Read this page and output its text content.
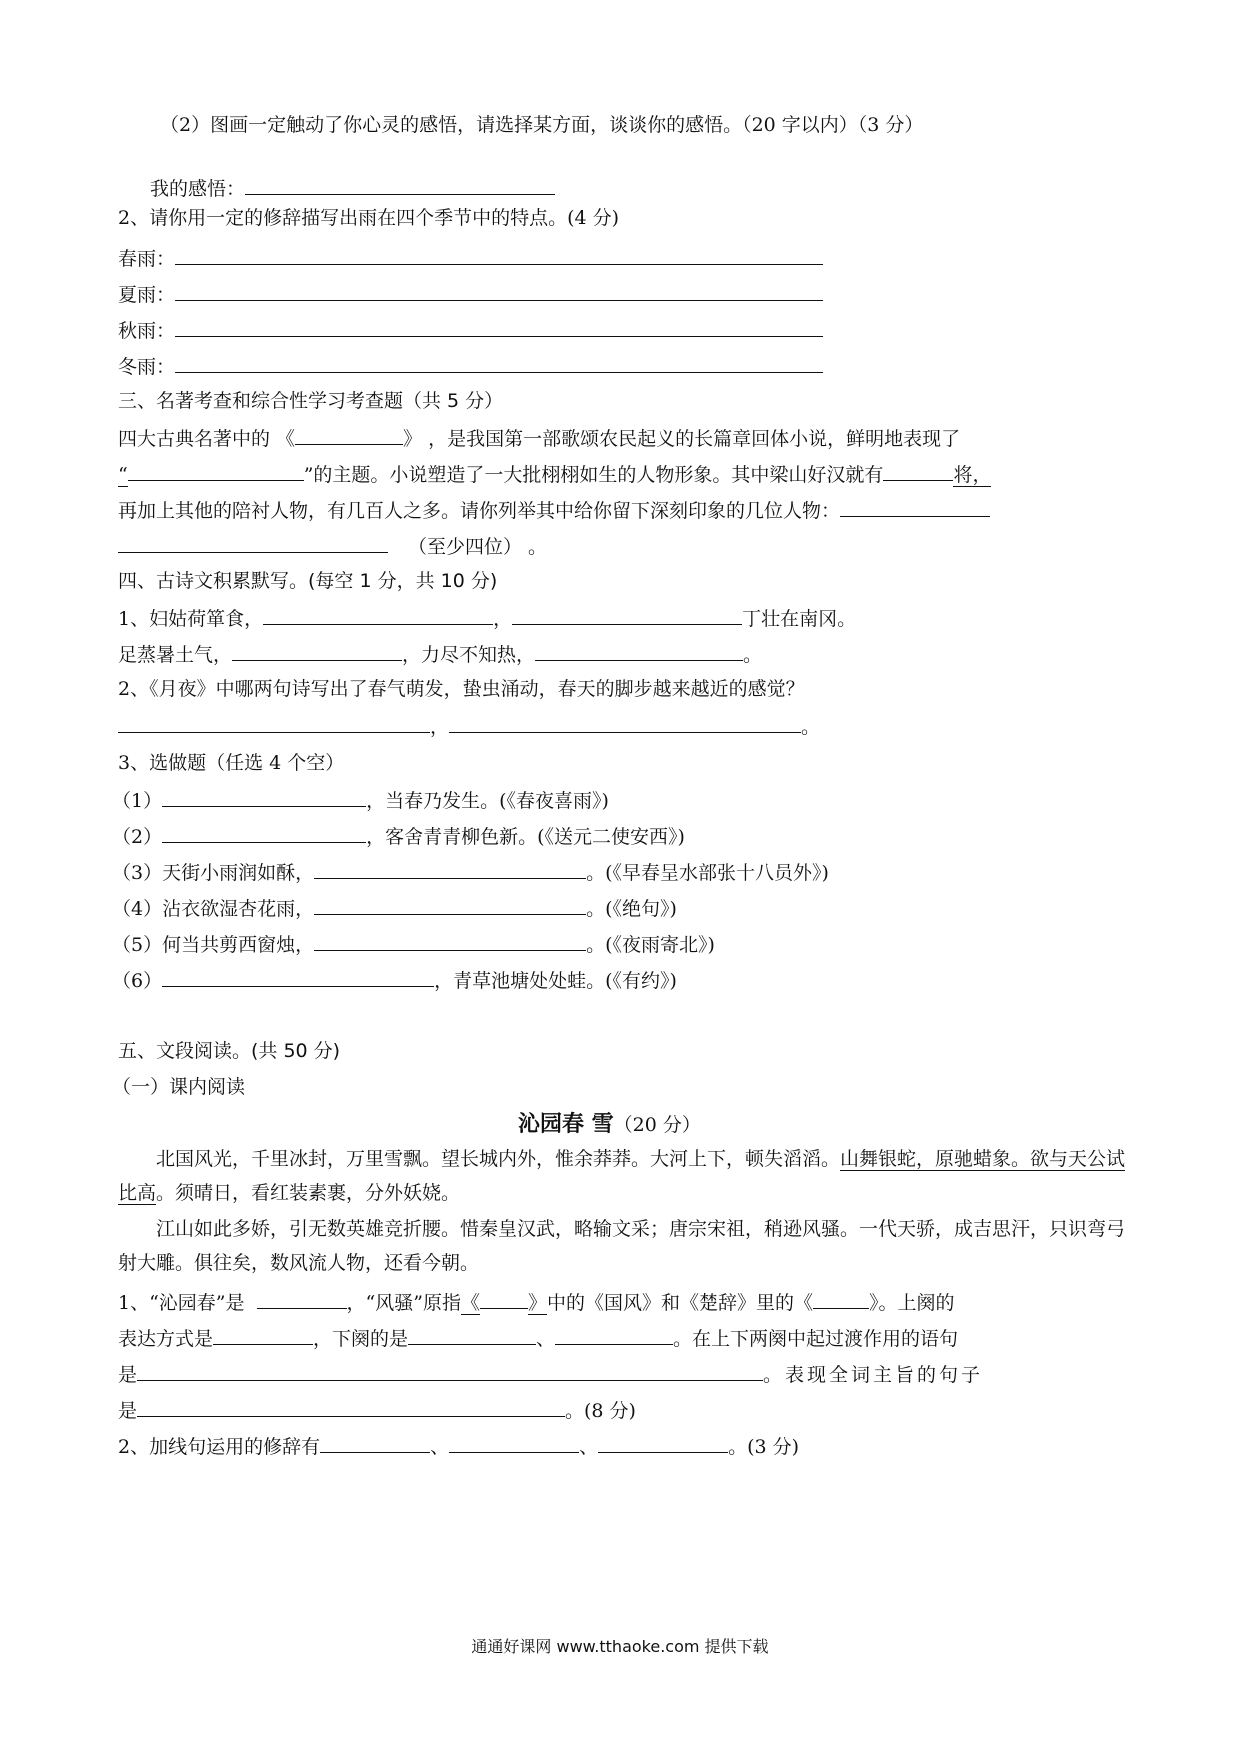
（2）图画一定触动了你心灵的感悟，请选择某方面，谈谈你的感悟。（20 字以内）（3 分）
我的感悟：
2、请你用一定的修辞描写出雨在四个季节中的特点。(4 分)
春雨：
夏雨：
秋雨：
冬雨：
三、名著考查和综合性学习考查题（共 5 分）
四大古典名著中的 《	》 ，是我国第一部歌颂农民起义的长篇章回体小说，鲜明地表现了
“	”的主题。小说塑造了一大批栩栩如生的人物形象。其中梁山好汉就有	将，
再加上其他的陪衬人物，有几百人之多。请你列举其中给你留下深刻印象的几位人物：
（至少四位） 。
四、古诗文积累默写。(每空 1 分，共 10 分)
1、妇姑荷箪食，	，	丁壮在南冈。
足蒸暑土气，	，力尽不知热，	。
2、《月夜》中哪两句诗写出了春气萌发，蛰虫涌动，春天的脚步越来越近的感觉？
，	。
3、选做题（任选 4 个空）
（1）	，当春乃发生。(《春夜喜雨》)
（2）	，客舍青青柳色新。(《送元二使安西》)
（3）天街小雨润如酥，	。(《早春呈水部张十八员外》)
（4）沾衣欲湿杏花雨，	。(《绝句》)
（5）何当共剪西窗烛，	。(《夜雨寄北》)
（6）	，青草池塘处处蛙。(《有约》)
五、文段阅读。(共 50 分)
（一）课内阅读
沁园春 雪（20 分）
北国风光，千里冰封，万里雪飘。望长城内外，惟余莽莽。大河上下，顿失滔滔。山舞银蛇，原驰蜡象。欲与天公试比高。须晴日，看红装素裹，分外妖娆。
江山如此多娇，引无数英雄竞折腰。惜秦皇汉武，略输文采；唐宗宋祖，稍逊风骚。一代天骄，成吉思汗，只识弯弓射大雕。俱往矣，数风流人物，还看今朝。
1、“沁园春”是	，“风骚”原指《	》中的《国风》和《楚辞》里的《	》。上阕的
表达方式是	，下阕的是	、	。在上下两阕中起过渡作用的语句
是	。表现全词主旨的句子
是	。(8 分)
2、加线句运用的修辞有	、	、	。(3 分)
通通好课网 www.tthaoke.com 提供下载
